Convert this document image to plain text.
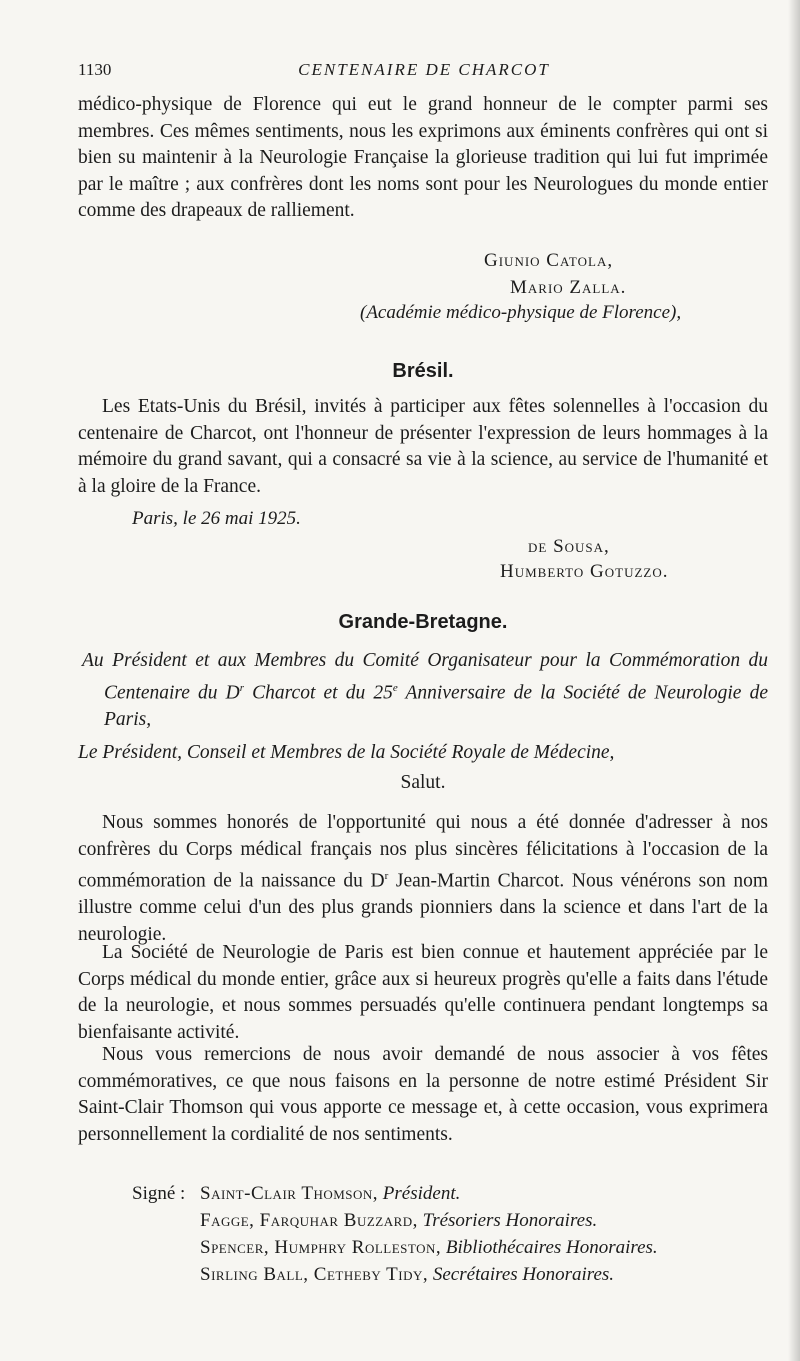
1130	CENTENAIRE DE CHARCOT

médico-physique de Florence qui eut le grand honneur de le compter parmi ses membres. Ces mêmes sentiments, nous les exprimons aux éminents confrères qui ont si bien su maintenir à la Neurologie Française la glorieuse tradition qui lui fut imprimée par le maître ; aux confrères dont les noms sont pour les Neurologues du monde entier comme des drapeaux de ralliement.

Giunio Catola,
Mario Zalla.
(Académie médico-physique de Florence),
Brésil.

Les Etats-Unis du Brésil, invités à participer aux fêtes solennelles à l'occasion du centenaire de Charcot, ont l'honneur de présenter l'expression de leurs hommages à la mémoire du grand savant, qui a consacré sa vie à la science, au service de l'humanité et à la gloire de la France.

Paris, le 26 mai 1925.
de Sousa,
Humberto Gotuzzo.
Grande-Bretagne.

Au Président et aux Membres du Comité Organisateur pour la Commémoration du Centenaire du $D^r$ Charcot et du 25e Anniversaire de la Société de Neurologie de Paris,

Le Président, Conseil et Membres de la Société Royale de Médecine,

Salut.

Nous sommes honorés de l'opportunité qui nous a été donnée d'adresser à nos confrères du Corps médical français nos plus sincères félicitations à l'occasion de la commémoration de la naissance du $D^r$ Jean-Martin Charcot. Nous vénérons son nom illustre comme celui d'un des plus grands pionniers dans la science et dans l'art de la neurologie.

La Société de Neurologie de Paris est bien connue et hautement appréciée par le Corps médical du monde entier, grâce aux si heureux progrès qu'elle a faits dans l'étude de la neurologie, et nous sommes persuadés qu'elle continuera pendant longtemps sa bienfaisante activité.

Nous vous remercions de nous avoir demandé de nous associer à vos fêtes commémoratives, ce que nous faisons en la personne de notre estimé Président Sir Saint-Clair Thomson qui vous apporte ce message et, à cette occasion, vous exprimera personnellement la cordialité de nos sentiments.

Signé : Saint-Clair Thomson, Président.
Fagge, Farquhar Buzzard, Trésoriers Honoraires.
Spencer, Humphry Rolleston, Bibliothécaires Honoraires.
Sirling Ball, Cetheby Tidy, Secrétaires Honoraires.
